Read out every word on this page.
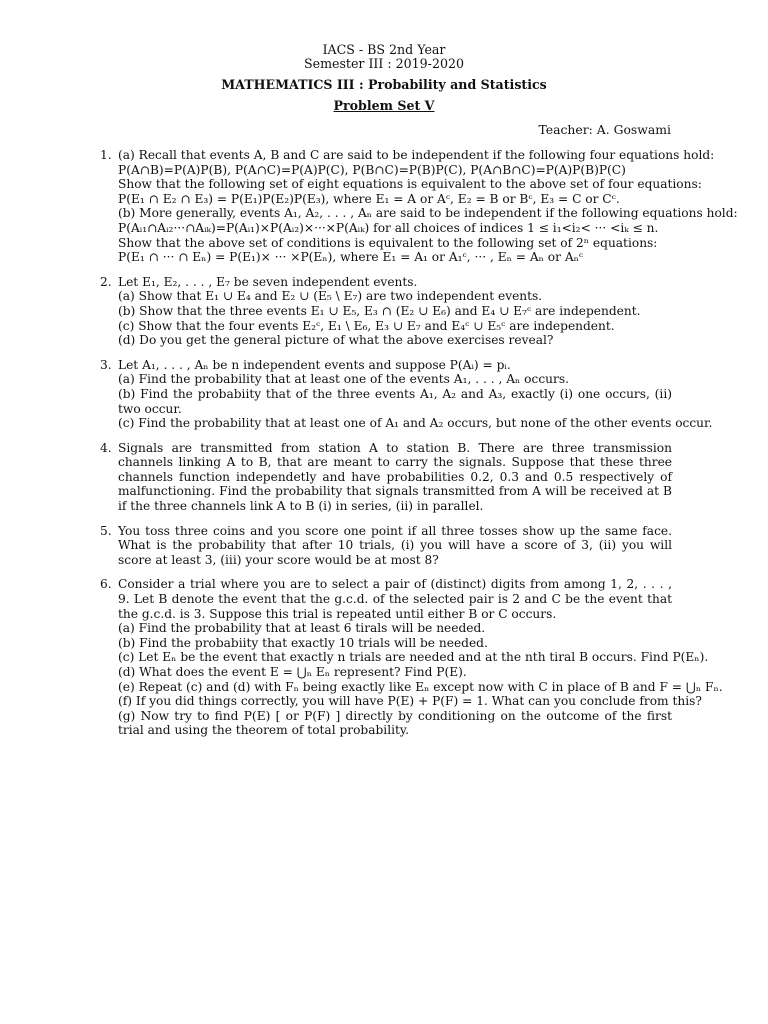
IACS - BS 2nd Year
Semester III : 2019-2020
MATHEMATICS III : Probability and Statistics
Problem Set V
Teacher: A. Goswami
1. (a) Recall that events A, B and C are said to be independent if the following four equations hold:
P(A∩B)=P(A)P(B), P(A∩C)=P(A)P(C), P(B∩C)=P(B)P(C), P(A∩B∩C)=P(A)P(B)P(C)
Show that the following set of eight equations is equivalent to the above set of four equations:
P(E₁ ∩ E₂ ∩ E₃) = P(E₁)P(E₂)P(E₃), where E₁ = A or Aᶜ, E₂ = B or Bᶜ, E₃ = C or Cᶜ.
(b) More generally, events A₁, A₂, . . . , Aₙ are said to be independent if the following equations hold:
P(Aᵢ₁∩Aᵢ₂···∩Aᵢₖ)=P(Aᵢ₁)×P(Aᵢ₂)×···×P(Aᵢₖ) for all choices of indices 1 ≤ i₁<i₂< ··· <iₖ ≤ n.
Show that the above set of conditions is equivalent to the following set of 2ⁿ equations:
P(E₁ ∩ ··· ∩ Eₙ) = P(E₁)× ··· ×P(Eₙ), where E₁ = A₁ or A₁ᶜ, ··· , Eₙ = Aₙ or Aₙᶜ
2. Let E₁, E₂, . . . , E₇ be seven independent events.
(a) Show that E₁ ∪ E₄ and E₂ ∪ (E₅ \ E₇) are two independent events.
(b) Show that the three events E₁ ∪ E₅, E₃ ∩ (E₂ ∪ E₆) and E₄ ∪ E₇ᶜ are independent.
(c) Show that the four events E₂ᶜ, E₁ \ E₆, E₃ ∪ E₇ and E₄ᶜ ∪ E₅ᶜ are independent.
(d) Do you get the general picture of what the above exercises reveal?
3. Let A₁, . . . , Aₙ be n independent events and suppose P(Aᵢ) = pᵢ.
(a) Find the probability that at least one of the events A₁, . . . , Aₙ occurs.
(b) Find the probabiity that of the three events A₁, A₂ and A₃, exactly (i) one occurs, (ii) two occur.
(c) Find the probability that at least one of A₁ and A₂ occurs, but none of the other events occur.
4. Signals are transmitted from station A to station B. There are three transmission channels linking A to B, that are meant to carry the signals. Suppose that these three channels function independetly and have probabilities 0.2, 0.3 and 0.5 respectively of malfunctioning. Find the probability that signals transmitted from A will be received at B if the three channels link A to B (i) in series, (ii) in parallel.
5. You toss three coins and you score one point if all three tosses show up the same face. What is the probability that after 10 trials, (i) you will have a score of 3, (ii) you will score at least 3, (iii) your score would be at most 8?
6. Consider a trial where you are to select a pair of (distinct) digits from among 1, 2, . . . , 9. Let B denote the event that the g.c.d. of the selected pair is 2 and C be the event that the g.c.d. is 3. Suppose this trial is repeated until either B or C occurs.
(a) Find the probability that at least 6 tirals will be needed.
(b) Find the probabiity that exactly 10 trials will be needed.
(c) Let Eₙ be the event that exactly n trials are needed and at the nth tiral B occurs. Find P(Eₙ).
(d) What does the event E = ⋃ₙ Eₙ represent? Find P(E).
(e) Repeat (c) and (d) with Fₙ being exactly like Eₙ except now with C in place of B and F = ⋃ₙ Fₙ.
(f) If you did things correctly, you will have P(E) + P(F) = 1. What can you conclude from this?
(g) Now try to find P(E) [ or P(F) ] directly by conditioning on the outcome of the first trial and using the theorem of total probability.
